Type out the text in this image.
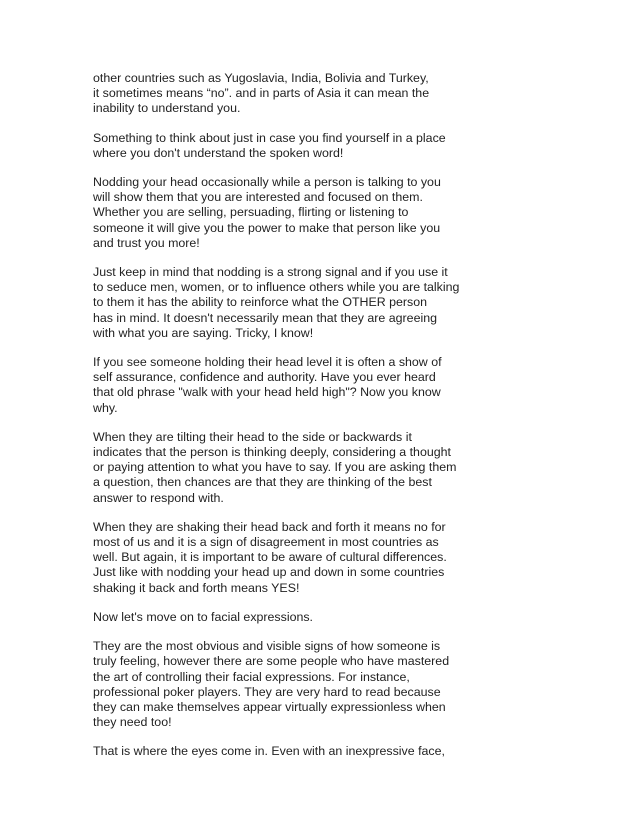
other countries such as Yugoslavia, India, Bolivia and Turkey,
it sometimes means “no”. and in parts of Asia it can mean the
inability to understand you.

Something to think about just in case you find yourself in a place
where you don't understand the spoken word!

Nodding your head occasionally while a person is talking to you
will show them that you are interested and focused on them.
Whether you are selling, persuading, flirting or listening to
someone it will give you the power to make that person like you
and trust you more!

Just keep in mind that nodding is a strong signal and if you use it
to seduce men, women, or to influence others while you are talking
to them it has the ability to reinforce what the OTHER person
has in mind. It doesn't necessarily mean that they are agreeing
with what you are saying. Tricky, I know!

If you see someone holding their head level it is often a show of
self assurance, confidence and authority. Have you ever heard
that old phrase "walk with your head held high"? Now you know
why.

When they are tilting their head to the side or backwards it
indicates that the person is thinking deeply, considering a thought
or paying attention to what you have to say. If you are asking them
a question, then chances are that they are thinking of the best
answer to respond with.

When they are shaking their head back and forth it means no for
most of us and it is a sign of disagreement in most countries as
well. But again, it is important to be aware of cultural differences.
Just like with nodding your head up and down in some countries
shaking it back and forth means YES!

Now let's move on to facial expressions.

They are the most obvious and visible signs of how someone is
truly feeling, however there are some people who have mastered
the art of controlling their facial expressions. For instance,
professional poker players. They are very hard to read because
they can make themselves appear virtually expressionless when
they need too!

That is where the eyes come in. Even with an inexpressive face,
